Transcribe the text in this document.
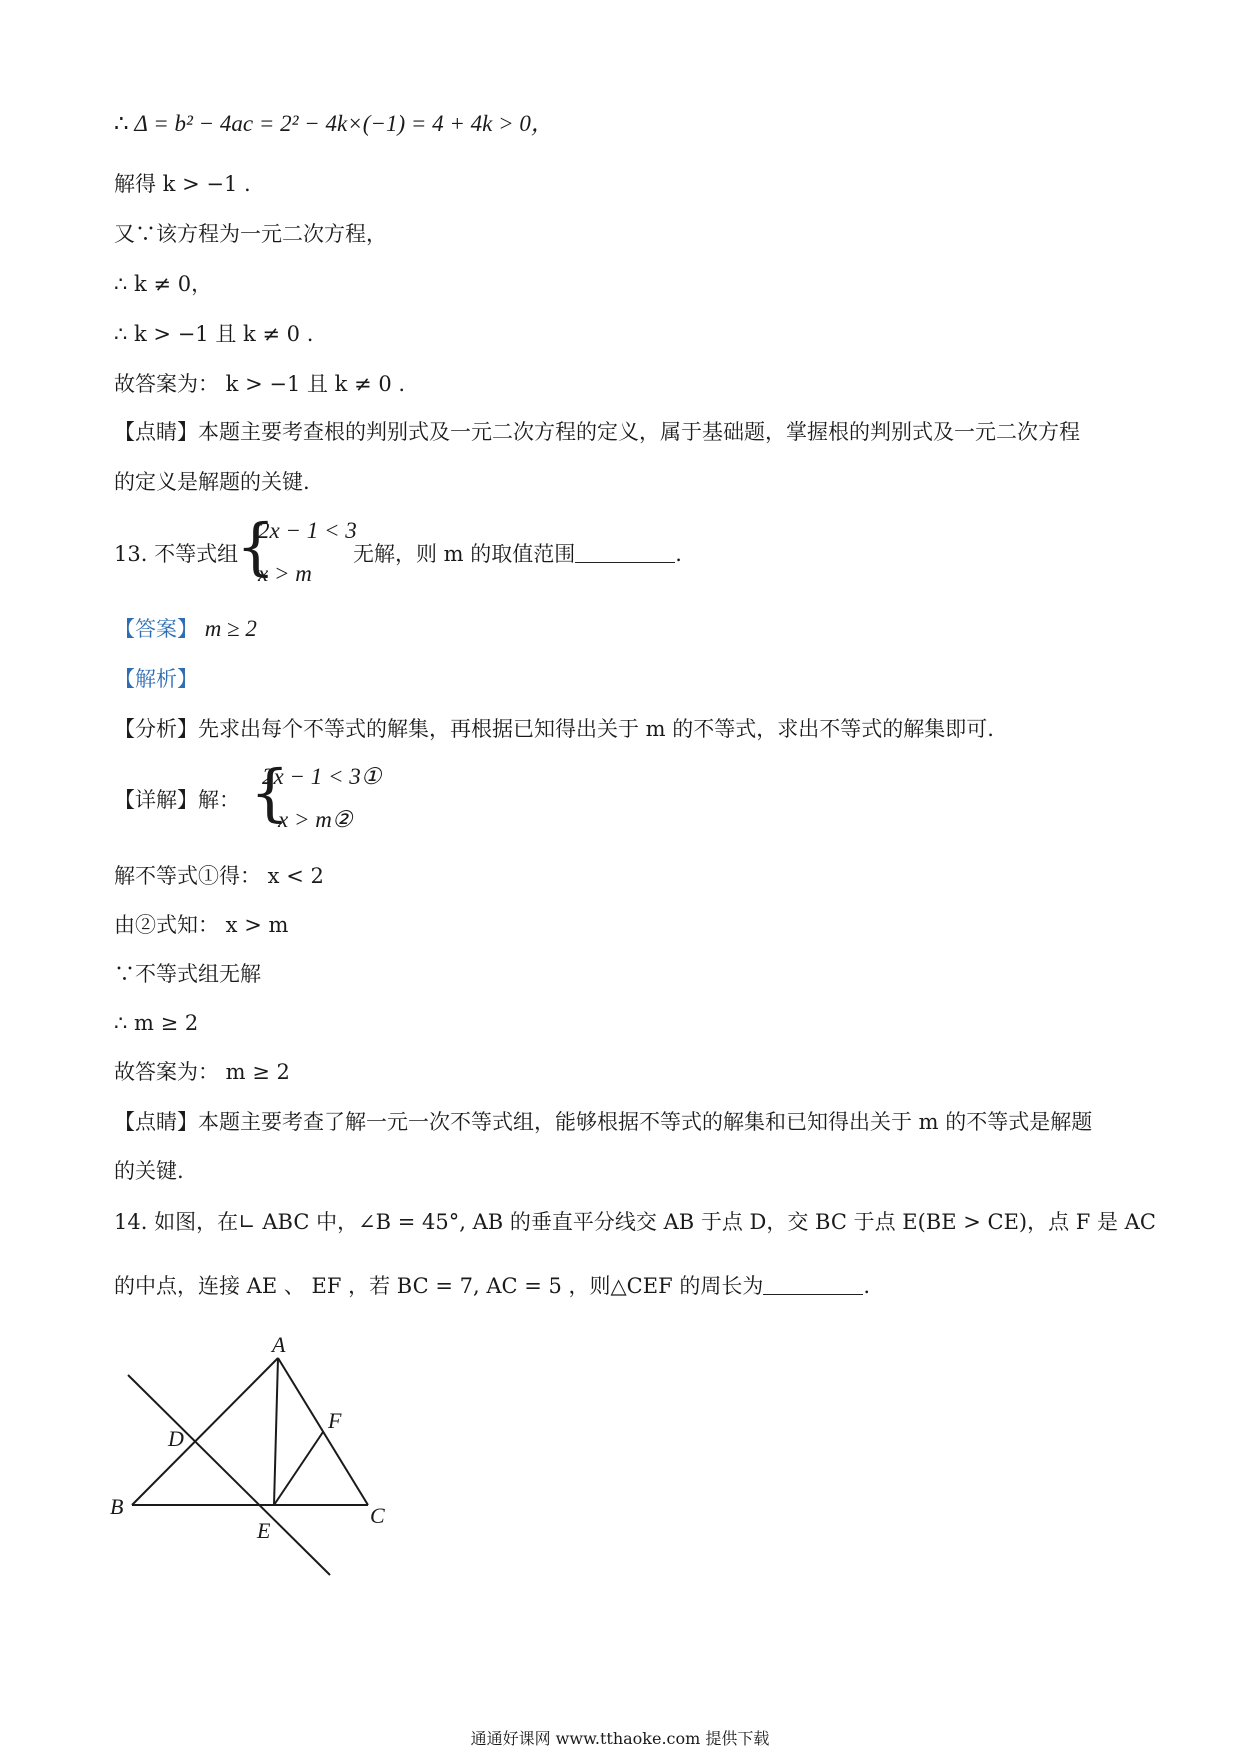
∴ Δ = b² − 4ac = 2² − 4k×(−1) = 4 + 4k > 0，
解得 k > −1 .
又∵该方程为一元二次方程，
∴ k ≠ 0，
∴ k > −1 且 k ≠ 0 .
故答案为： k > −1 且 k ≠ 0 .
【点睛】本题主要考查根的判别式及一元二次方程的定义，属于基础题，掌握根的判别式及一元二次方程
的定义是解题的关键.
13. 不等式组
{
2x − 1 < 3
x > m
无解，则 m 的取值范围	.
【答案】 m ≥ 2
【解析】
【分析】先求出每个不等式的解集，再根据已知得出关于 m 的不等式，求出不等式的解集即可.
【详解】解： {
2x − 1 < 3①
x > m②
解不等式①得： x < 2
由②式知： x > m
∵不等式组无解
∴ m ≥ 2
故答案为： m ≥ 2
【点睛】本题主要考查了解一元一次不等式组，能够根据不等式的解集和已知得出关于 m 的不等式是解题
的关键.
14. 如图，在∟ ABC 中，∠B = 45°, AB 的垂直平分线交 AB 于点 D，交 BC 于点 E(BE > CE)，点 F 是 AC
的中点，连接 AE 、 EF ，若 BC = 7, AC = 5 ，则△CEF 的周长为	.
A
B	C
D
E
F
通通好课网 www.tthaoke.com 提供下载
